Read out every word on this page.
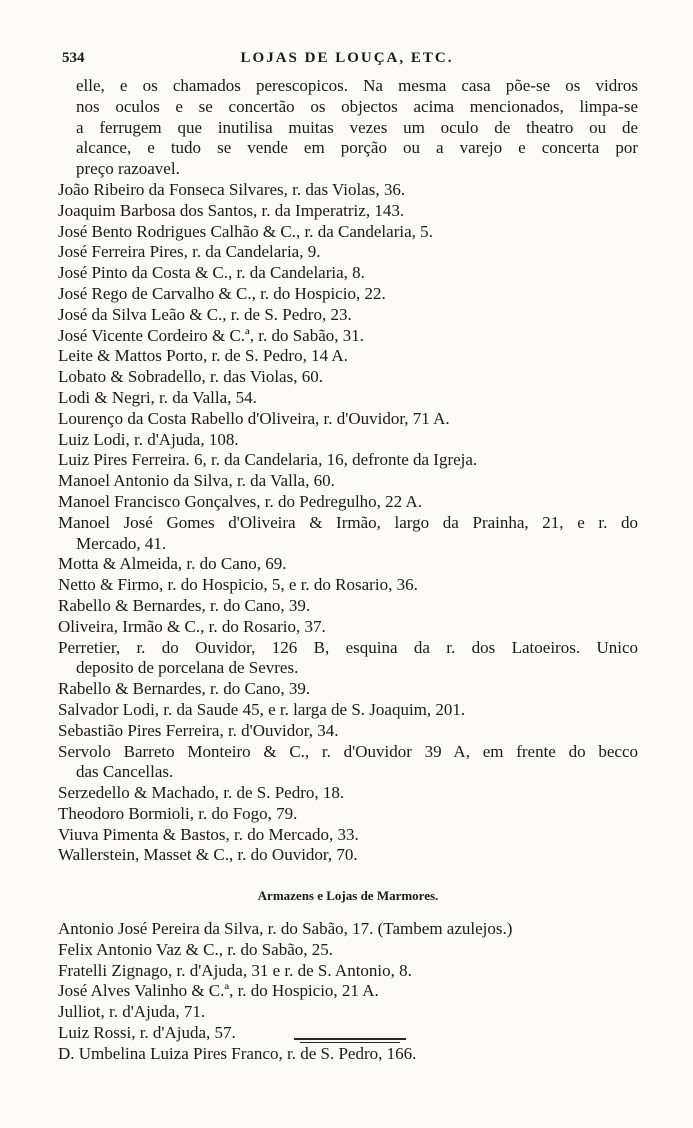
534	LOJAS DE LOUÇA, ETC.
elle, e os chamados perescopicos. Na mesma casa põe-se os vidros
nos oculos e se concertão os objectos acima mencionados, limpa-se
a ferrugem que inutilisa muitas vezes um oculo de theatro ou de
alcance, e tudo se vende em porção ou a varejo e concerta por
preço razoavel.
João Ribeiro da Fonseca Silvares, r. das Violas, 36.
Joaquim Barbosa dos Santos, r. da Imperatriz, 143.
José Bento Rodrigues Calhão & C., r. da Candelaria, 5.
José Ferreira Pires, r. da Candelaria, 9.
José Pinto da Costa & C., r. da Candelaria, 8.
José Rego de Carvalho & C., r. do Hospicio, 22.
José da Silva Leão & C., r. de S. Pedro, 23.
José Vicente Cordeiro & C.ª, r. do Sabão, 31.
Leite & Mattos Porto, r. de S. Pedro, 14 A.
Lobato & Sobradello, r. das Violas, 60.
Lodi & Negri, r. da Valla, 54.
Lourenço da Costa Rabello d'Oliveira, r. d'Ouvidor, 71 A.
Luiz Lodi, r. d'Ajuda, 108.
Luiz Pires Ferreira. 6, r. da Candelaria, 16, defronte da Igreja.
Manoel Antonio da Silva, r. da Valla, 60.
Manoel Francisco Gonçalves, r. do Pedregulho, 22 A.
Manoel José Gomes d'Oliveira & Irmão, largo da Prainha, 21, e r. do
Mercado, 41.
Motta & Almeida, r. do Cano, 69.
Netto & Firmo, r. do Hospicio, 5, e r. do Rosario, 36.
Rabello & Bernardes, r. do Cano, 39.
Oliveira, Irmão & C., r. do Rosario, 37.
Perretier, r. do Ouvidor, 126 B, esquina da r. dos Latoeiros. Unico
deposito de porcelana de Sevres.
Rabello & Bernardes, r. do Cano, 39.
Salvador Lodi, r. da Saude 45, e r. larga de S. Joaquim, 201.
Sebastião Pires Ferreira, r. d'Ouvidor, 34.
Servolo Barreto Monteiro & C., r. d'Ouvidor 39 A, em frente do becco
das Cancellas.
Serzedello & Machado, r. de S. Pedro, 18.
Theodoro Bormioli, r. do Fogo, 79.
Viuva Pimenta & Bastos, r. do Mercado, 33.
Wallerstein, Masset & C., r. do Ouvidor, 70.
Armazens e Lojas de Marmores.
Antonio José Pereira da Silva, r. do Sabão, 17. (Tambem azulejos.)
Felix Antonio Vaz & C., r. do Sabão, 25.
Fratelli Zignago, r. d'Ajuda, 31 e r. de S. Antonio, 8.
José Alves Valinho & C.ª, r. do Hospicio, 21 A.
Julliot, r. d'Ajuda, 71.
Luiz Rossi, r. d'Ajuda, 57.
D. Umbelina Luiza Pires Franco, r. de S. Pedro, 166.
